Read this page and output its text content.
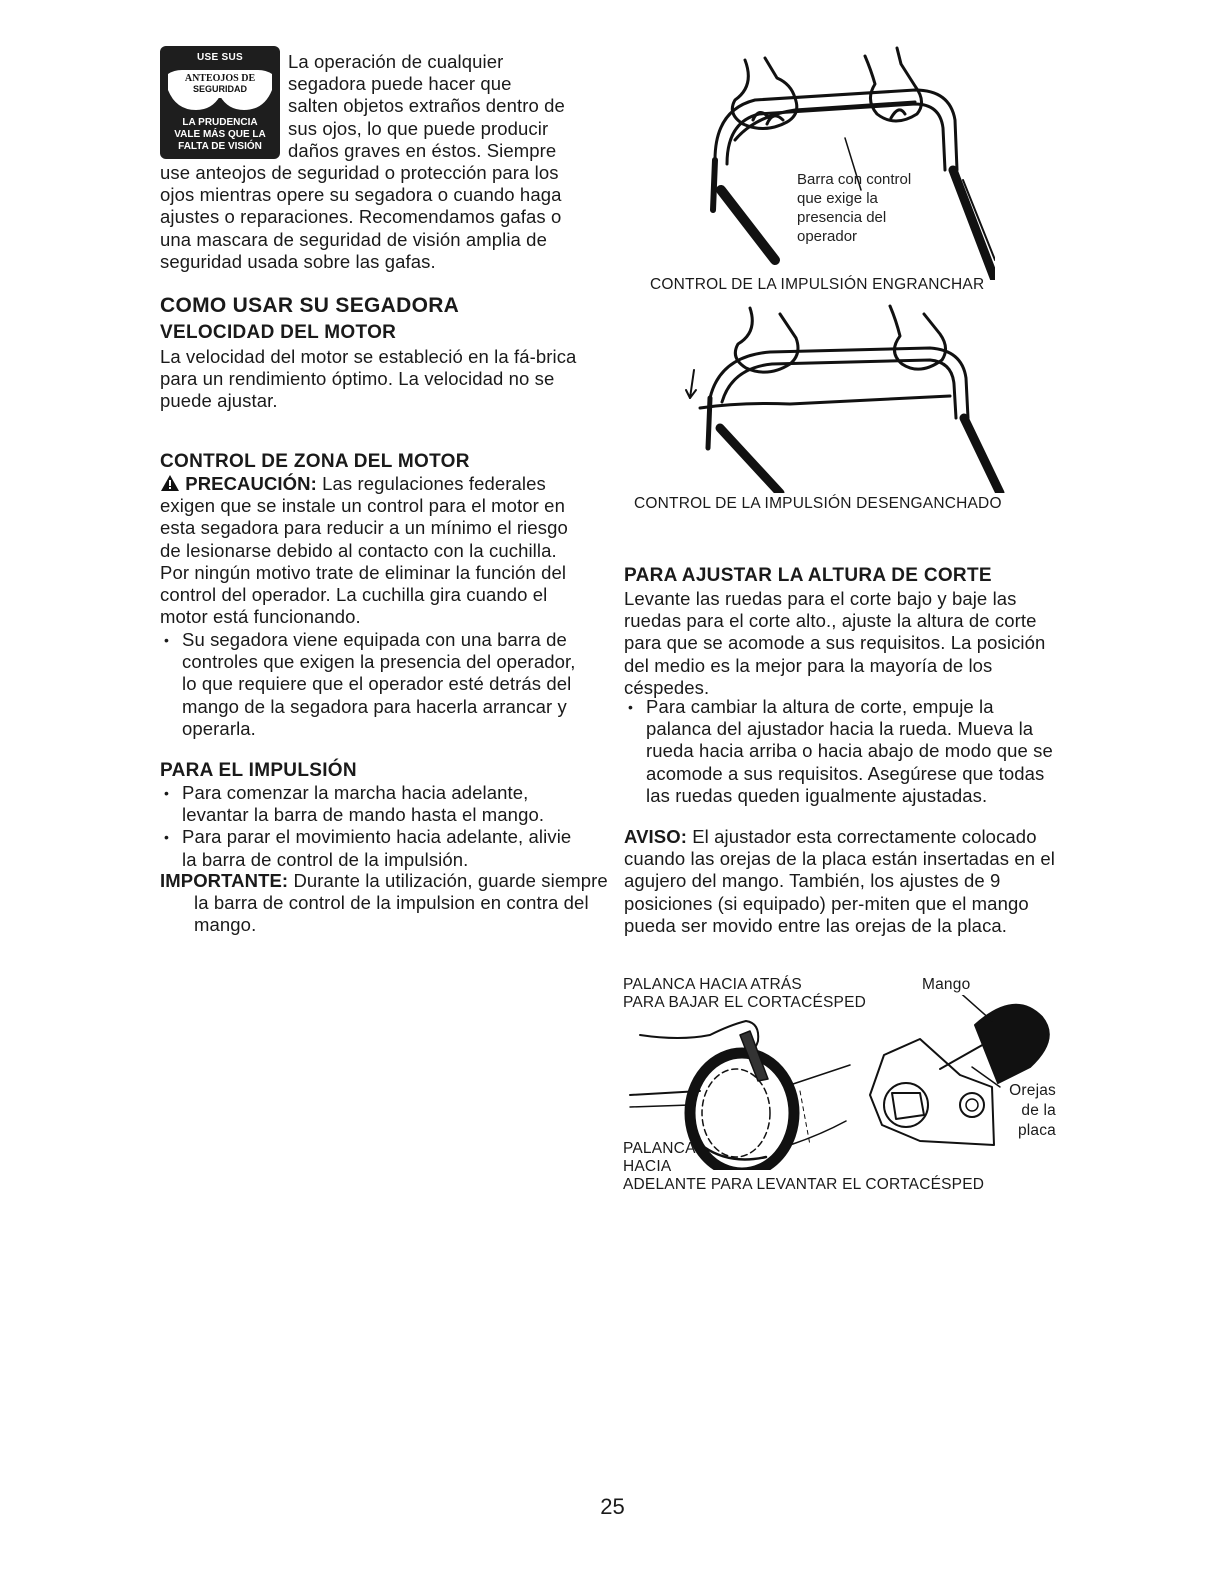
USE SUS
ANTEOJOS DE
SEGURIDAD
LA PRUDENCIA
VALE MÁS QUE LA
FALTA DE VISIÓN
La operación de cualquier
segadora puede hacer que
salten objetos extraños dentro de
sus ojos, lo que puede producir
daños graves en éstos. Siempre

use anteojos de seguridad o protección para los ojos mientras opere su segadora o cuando haga ajustes o reparaciones. Recomendamos gafas o una mascara de seguridad de visión amplia de seguridad usada sobre las gafas.

COMO USAR SU SEGADORA
VELOCIDAD DEL MOTOR

La velocidad del motor se estableció en la fá-brica para un rendimiento óptimo. La velocidad no se puede ajustar.

CONTROL DE ZONA DEL MOTOR
PRECAUCIÓN: Las regulaciones federales exigen que se instale un control para el motor en esta segadora para reducir a un mínimo el riesgo de lesionarse debido al contacto con la cuchilla. Por ningún motivo trate de eliminar la función del control del operador. La cuchilla gira cuando el motor está funcionando.
• Su segadora viene equipada con una barra de controles que exigen la presencia del operador, lo que requiere que el operador esté detrás del mango de la segadora para hacerla arrancar y operarla.
PARA EL IMPULSIÓN
• Para comenzar la marcha hacia adelante, levantar la barra de mando hasta el mango.
• Para parar el movimiento hacia adelante, alivie la barra de control de la impulsión.

IMPORTANTE: Durante la utilización, guarde siempre la barra de control de la impulsion en contra del mango.

Barra con control
que exige la
presencia del
operador
CONTROL DE LA IMPULSIÓN ENGRANCHAR
CONTROL DE LA IMPULSIÓN DESENGANCHADO
PARA AJUSTAR LA ALTURA DE CORTE

Levante las ruedas para el corte bajo y baje las ruedas para el corte alto., ajuste la altura de corte para que se acomode a sus requisitos. La posición del medio es la mejor para la mayoría de los céspedes.

• Para cambiar la altura de corte, empuje la palanca del ajustador hacia la rueda. Mueva la rueda hacia arriba o hacia abajo de modo que se acomode a sus requisitos. Asegúrese que todas las ruedas queden igualmente ajustadas.

AVISO: El ajustador esta correctamente colocado cuando las orejas de la placa están insertadas en el agujero del mango. También, los ajustes de 9 posiciones (si equipado) per-miten que el mango pueda ser movido entre las orejas de la placa.

PALANCA HACIA ATRÁS
PARA BAJAR EL CORTACÉSPED
Mango
Orejas
de la
placa
PALANCA
HACIA
ADELANTE PARA LEVANTAR EL CORTACÉSPED
25
